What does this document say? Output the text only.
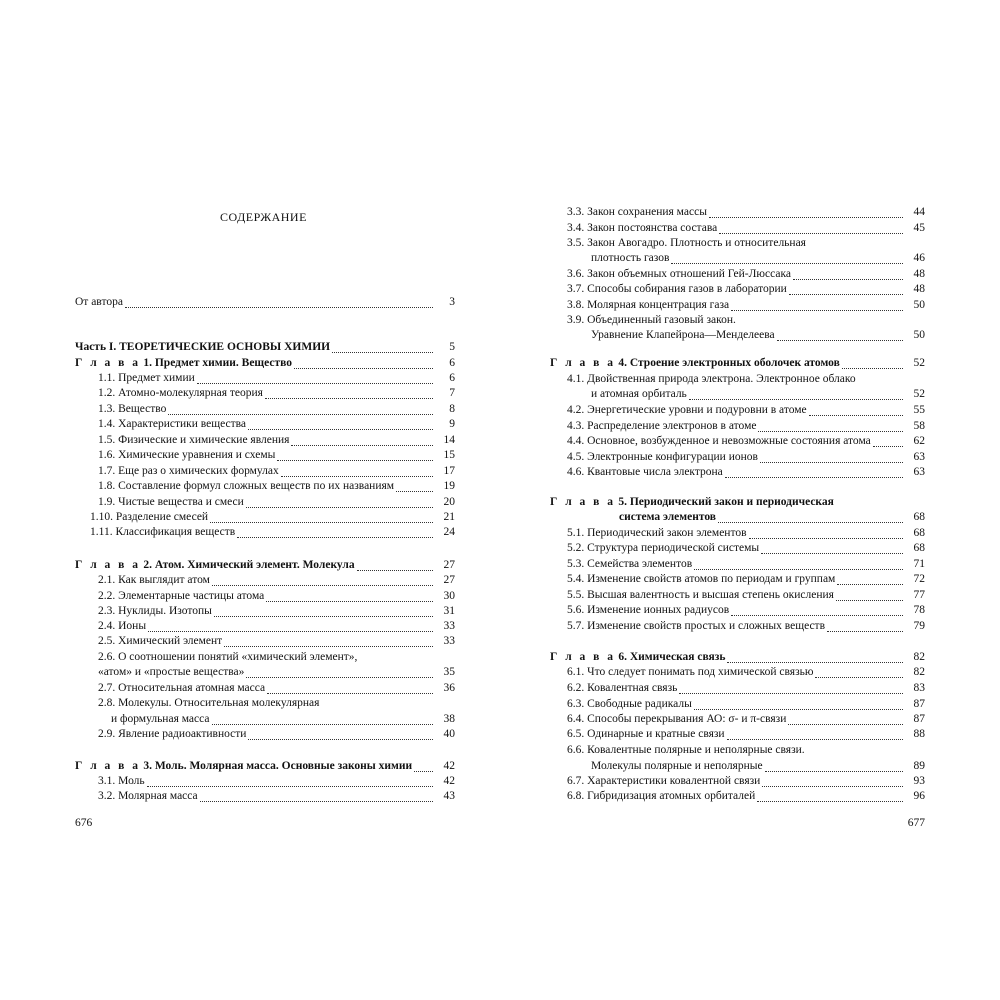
СОДЕРЖАНИЕ
676
От автора	3
Часть I. ТЕОРЕТИЧЕСКИЕ ОСНОВЫ ХИМИИ	5
Г л а в а 1. Предмет химии. Вещество	6
1.1. Предмет химии	6
1.2. Атомно-молекулярная теория	7
1.3. Вещество	8
1.4. Характеристики вещества	9
1.5. Физические и химические явления	14
1.6. Химические уравнения и схемы	15
1.7. Еще раз о химических формулах	17
1.8. Составление формул сложных веществ по их названиям	19
1.9. Чистые вещества и смеси	20
1.10. Разделение смесей	21
1.11. Классификация веществ	24
Г л а в а 2. Атом. Химический элемент. Молекула	27
2.1. Как выглядит атом	27
2.2. Элементарные частицы атома	30
2.3. Нуклиды. Изотопы	31
2.4. Ионы	33
2.5. Химический элемент	33
2.6. О соотношении понятий «химический элемент»,
«атом» и «простые вещества»	35
2.7. Относительная атомная масса	36
2.8. Молекулы. Относительная молекулярная
и формульная масса	38
2.9. Явление радиоактивности	40
Г л а в а 3. Моль. Молярная масса. Основные законы химии	42
3.1. Моль	42
3.2. Молярная масса	43
677
3.3. Закон сохранения массы	44
3.4. Закон постоянства состава	45
3.5. Закон Авогадро. Плотность и относительная
плотность газов	46
3.6. Закон объемных отношений Гей-Люссака	48
3.7. Способы собирания газов в лаборатории	48
3.8. Молярная концентрация газа	50
3.9. Объединенный газовый закон.
Уравнение Клапейрона—Менделеева	50
Г л а в а 4. Строение электронных оболочек атомов	52
4.1. Двойственная природа электрона. Электронное облако
и атомная орбиталь	52
4.2. Энергетические уровни и подуровни в атоме	55
4.3. Распределение электронов в атоме	58
4.4. Основное, возбужденное и невозможные состояния атома	62
4.5. Электронные конфигурации ионов	63
4.6. Квантовые числа электрона	63
Г л а в а 5. Периодический закон и периодическая
система элементов	68
5.1. Периодический закон элементов	68
5.2. Структура периодической системы	68
5.3. Семейства элементов	71
5.4. Изменение свойств атомов по периодам и группам	72
5.5. Высшая валентность и высшая степень окисления	77
5.6. Изменение ионных радиусов	78
5.7. Изменение свойств простых и сложных веществ	79
Г л а в а 6. Химическая связь	82
6.1. Что следует понимать под химической связью	82
6.2. Ковалентная связь	83
6.3. Свободные радикалы	87
6.4. Способы перекрывания АО: σ- и π-связи	87
6.5. Одинарные и кратные связи	88
6.6. Ковалентные полярные и неполярные связи.
Молекулы полярные и неполярные	89
6.7. Характеристики ковалентной связи	93
6.8. Гибридизация атомных орбиталей	96
